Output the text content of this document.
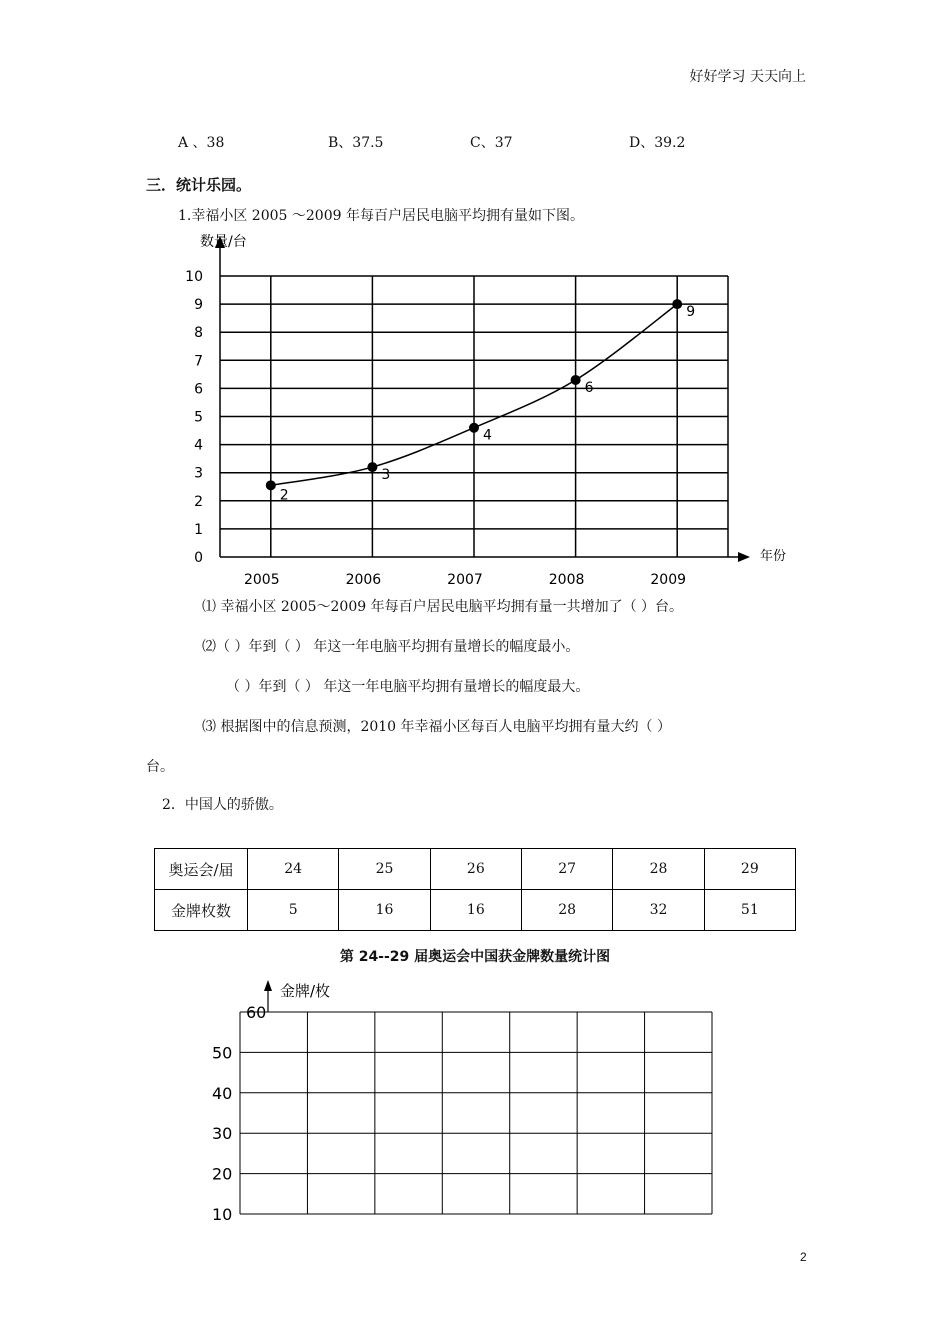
好好学习 天天向上
A 、38	B、37.5	C、37	D、39.2
三．统计乐园。
1.幸福小区 2005 ～2009 年每百户居民电脑平均拥有量如下图。
数量/台
年份
0
1
2
3
4
5
6
7
8
9
10
2005	2006	2007	2008	2009
2
3
4
6
9
⑴ 幸福小区 2005～2009 年每百户居民电脑平均拥有量一共增加了（ ）台。
⑵（ ）年到（ ） 年这一年电脑平均拥有量增长的幅度最小。
（ ）年到（ ） 年这一年电脑平均拥有量增长的幅度最大。
⑶ 根据图中的信息预测，2010 年幸福小区每百人电脑平均拥有量大约（ ）
台。
2．中国人的骄傲。
奥运会/届	24	25	26	27	28	29
金牌枚数	5	16	16	28	32	51
第 24--29 届奥运会中国获金牌数量统计图
金牌/枚
60
50
40
30
20
10
2
